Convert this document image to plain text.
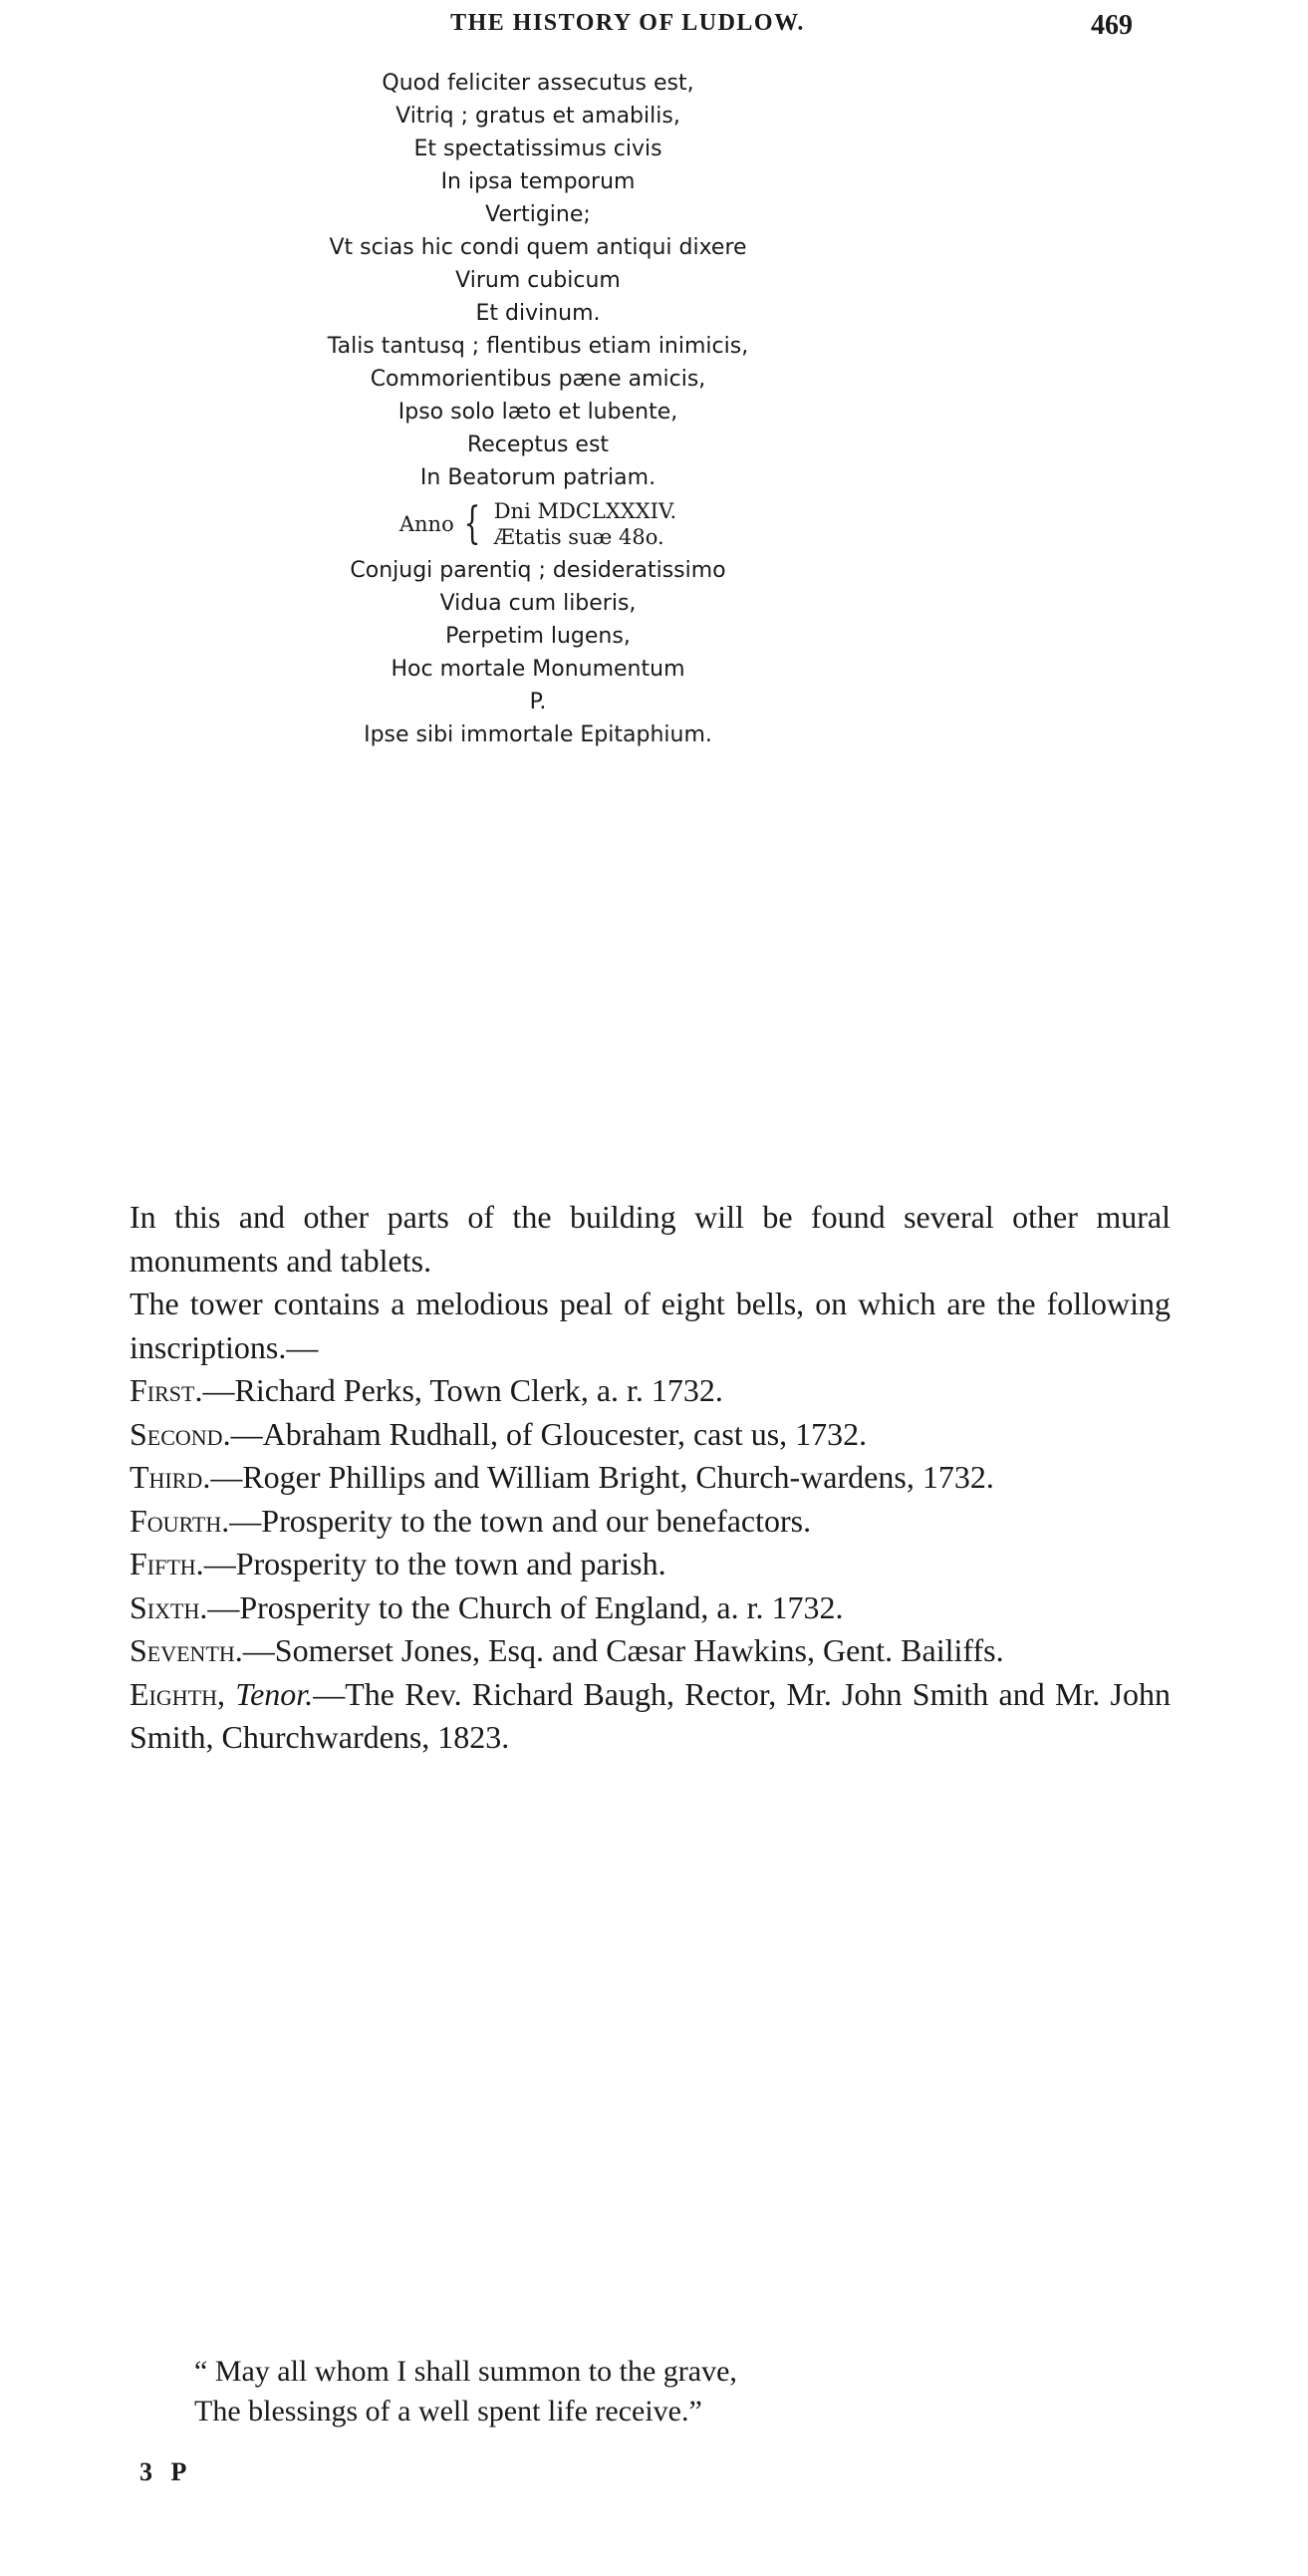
THE HISTORY OF LUDLOW.	469
Quod feliciter assecutus est,
Vitriq ; gratus et amabilis,
Et spectatissimus civis
In ipsa temporum
Vertigine;
Vt scias hic condi quem antiqui dixere
Virum cubicum
Et divinum.
Talis tantusq ; flentibus etiam inimicis,
Commorientibus pæne amicis,
Ipso solo læto et lubente,
Receptus est
In Beatorum patriam.
Anno { Dni MDCLXXXIV.
Ætatis suæ 48o.
Conjugi parentiq ; desideratissimo
Vidua cum liberis,
Perpetim lugens,
Hoc mortale Monumentum
P.
Ipse sibi immortale Epitaphium.

In this and other parts of the building will be found several other mural monuments and tablets.

The tower contains a melodious peal of eight bells, on which are the following inscriptions.—

First.—Richard Perks, Town Clerk, a. r. 1732.

Second.—Abraham Rudhall, of Gloucester, cast us, 1732.

Third.—Roger Phillips and William Bright, Church-wardens, 1732.

Fourth.—Prosperity to the town and our benefactors.

Fifth.—Prosperity to the town and parish.

Sixth.—Prosperity to the Church of England, a. r. 1732.

Seventh.—Somerset Jones, Esq. and Cæsar Hawkins, Gent. Bailiffs.

Eighth, Tenor.—The Rev. Richard Baugh, Rector, Mr. John Smith and Mr. John Smith, Churchwardens, 1823.

“ May all whom I shall summon to the grave,
The blessings of a well spent life receive.”
3 P
